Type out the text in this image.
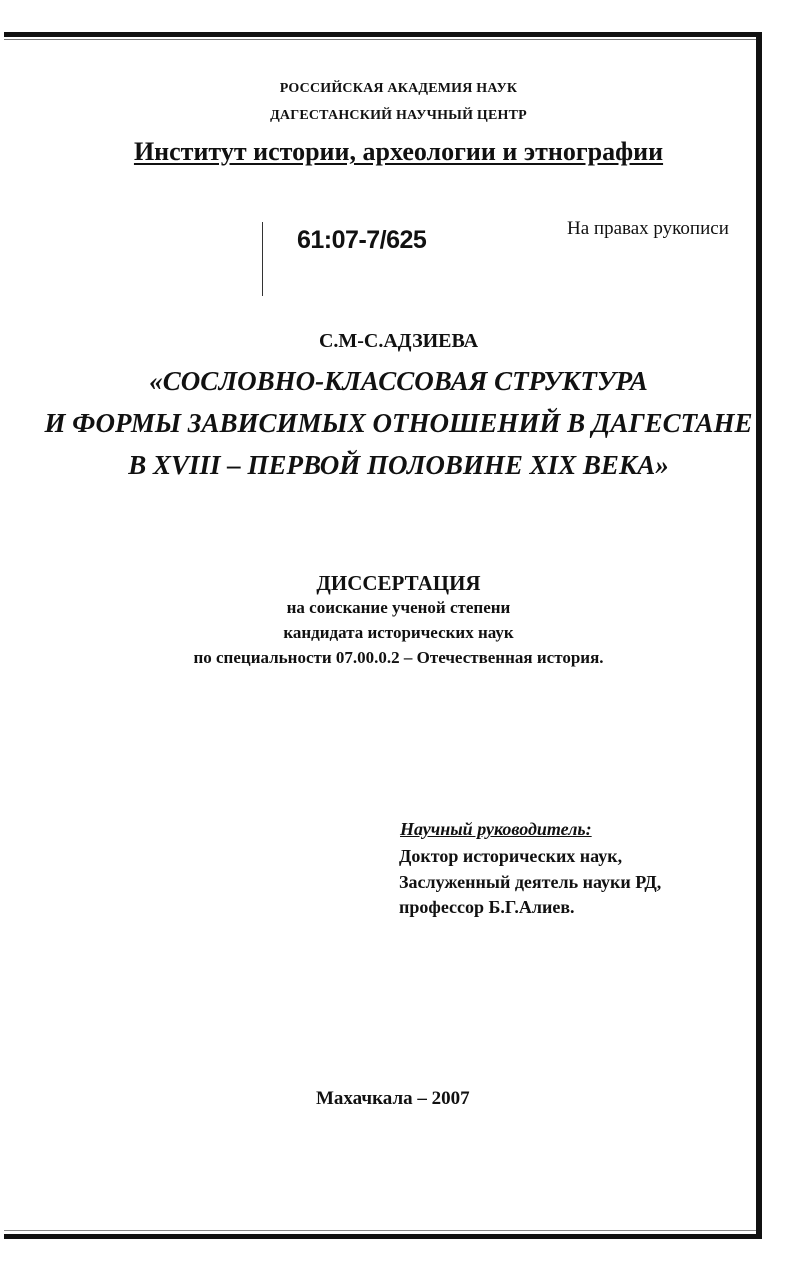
РОССИЙСКАЯ АКАДЕМИЯ НАУК
ДАГЕСТАНСКИЙ НАУЧНЫЙ ЦЕНТР
Институт истории, археологии и этнографии
61:07-7/625	На правах рукописи
С.М-С.АДЗИЕВА
«СОСЛОВНО-КЛАССОВАЯ СТРУКТУРА
И ФОРМЫ ЗАВИСИМЫХ ОТНОШЕНИЙ В ДАГЕСТАНЕ
В XVIII – ПЕРВОЙ ПОЛОВИНЕ XIX ВЕКА»
ДИССЕРТАЦИЯ
на соискание ученой степени
кандидата исторических наук
по специальности 07.00.0.2 – Отечественная история.
Научный руководитель:
Доктор исторических наук,
Заслуженный деятель науки РД,
профессор Б.Г.Алиев.
Махачкала – 2007
